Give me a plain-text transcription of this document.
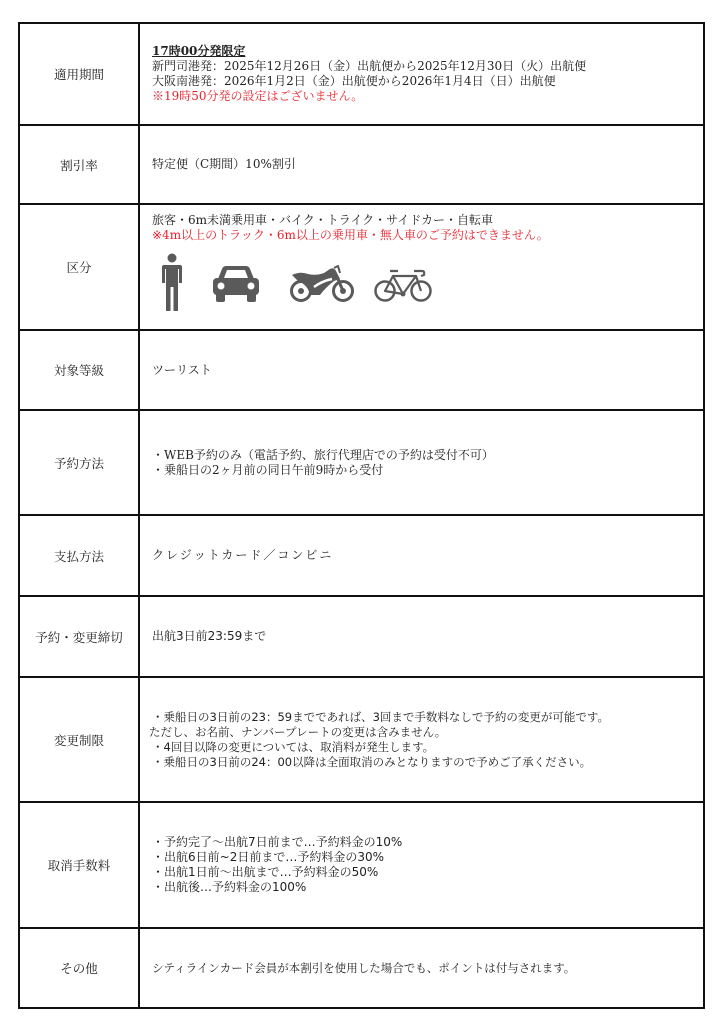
適用期間	17時00分発限定
新門司港発：2025年12月26日（金）出航便から2025年12月30日（火）出航便
大阪南港発：2026年1月2日（金）出航便から2026年1月4日（日）出航便
※19時50分発の設定はございません。

割引率	特定便（C期間）10%割引
区分	旅客・6m未満乗用車・バイク・トライク・サイドカー・自転車
※4m以上のトラック・6m以上の乗用車・無人車のご予約はできません。

対象等級	ツーリスト
予約方法	・WEB予約のみ（電話予約、旅行代理店での予約は受付不可）
・乗船日の2ヶ月前の同日午前9時から受付

支払方法	クレジットカード／コンビニ
予約・変更締切	出航3日前23:59まで
変更制限	・乗船日の3日前の23：59までであれば、3回まで手数料なしで予約の変更が可能です。
ただし、お名前、ナンバープレートの変更は含みません。
・4回目以降の変更については、取消料が発生します。
・乗船日の3日前の24：00以降は全面取消のみとなりますので予めご了承ください。

取消手数料	・予約完了～出航7日前まで…予約料金の10%
・出航6日前~2日前まで…予約料金の30%
・出航1日前～出航まで…予約料金の50%
・出航後…予約料金の100%

その他	シティラインカード会員が本割引を使用した場合でも、ポイントは付与されます。
